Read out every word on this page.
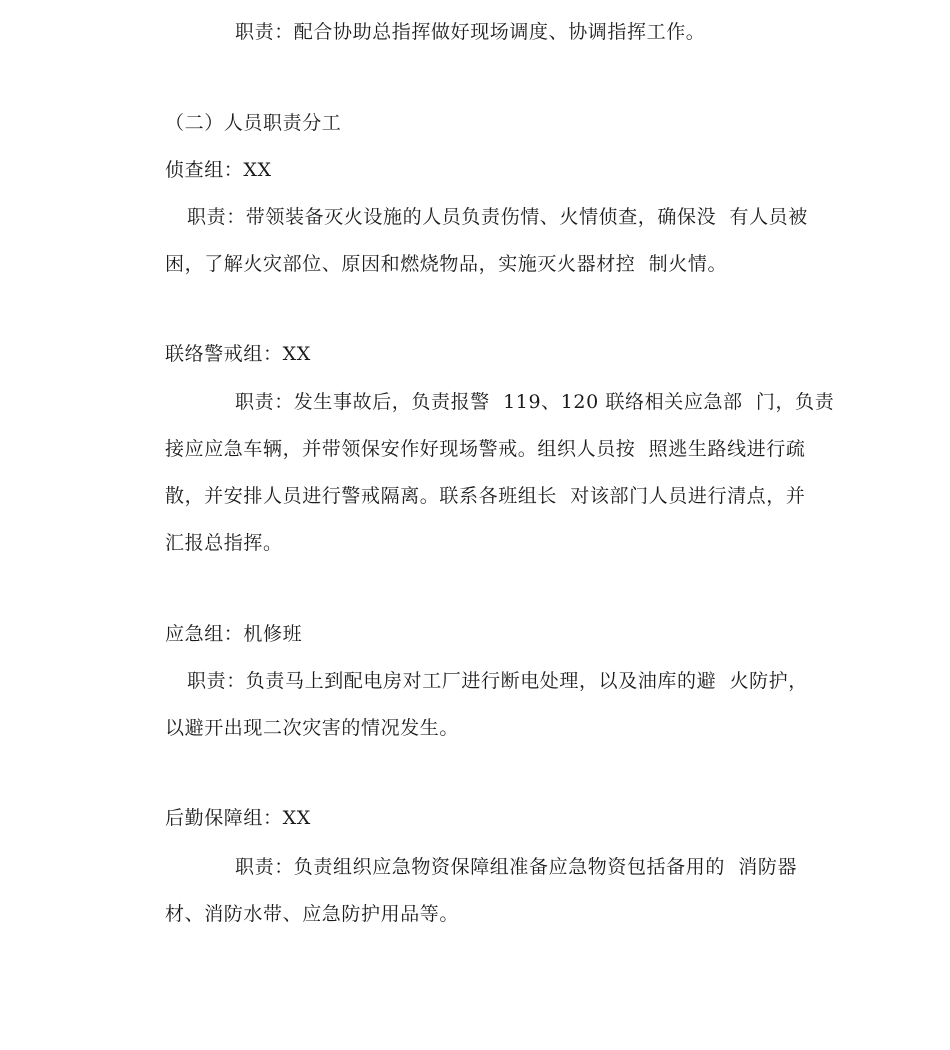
职责：配合协助总指挥做好现场调度、协调指挥工作。
（二）人员职责分工
侦查组：XX
职责：带领装备灭火设施的人员负责伤情、火情侦查，确保没  有人员被
困，了解火灾部位、原因和燃烧物品，实施灭火器材控  制火情。
联络警戒组：XX
职责：发生事故后，负责报警  119、120 联络相关应急部  门，负责
接应应急车辆，并带领保安作好现场警戒。组织人员按  照逃生路线进行疏
散，并安排人员进行警戒隔离。联系各班组长  对该部门人员进行清点，并
汇报总指挥。
应急组：机修班
职责：负责马上到配电房对工厂进行断电处理，以及油库的避  火防护，
以避开出现二次灾害的情况发生。
后勤保障组：XX
职责：负责组织应急物资保障组准备应急物资包括备用的  消防器
材、消防水带、应急防护用品等。
